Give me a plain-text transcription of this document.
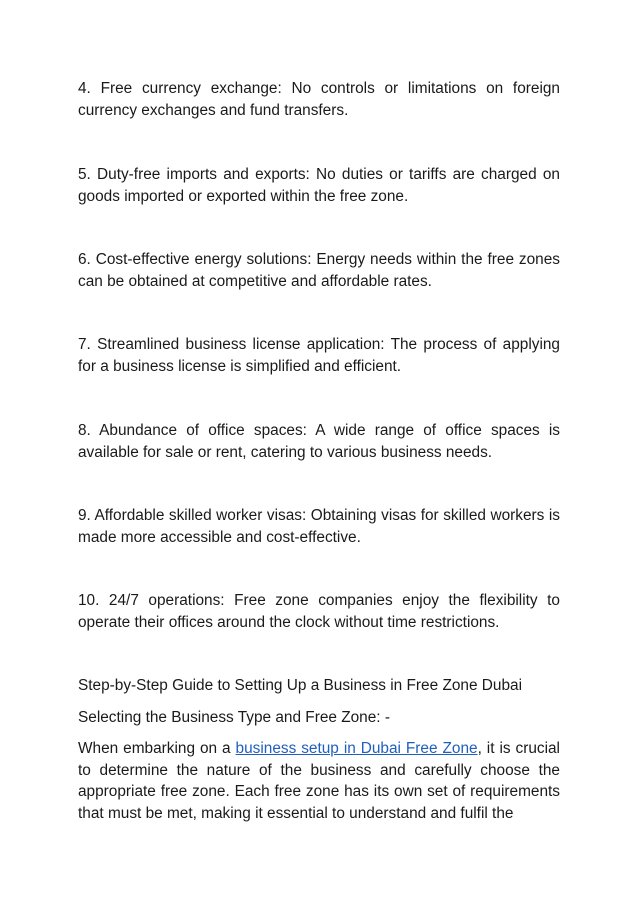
4. Free currency exchange: No controls or limitations on foreign currency exchanges and fund transfers.

5. Duty-free imports and exports: No duties or tariffs are charged on goods imported or exported within the free zone.

6. Cost-effective energy solutions: Energy needs within the free zones can be obtained at competitive and affordable rates.

7. Streamlined business license application: The process of applying for a business license is simplified and efficient.

8. Abundance of office spaces: A wide range of office spaces is available for sale or rent, catering to various business needs.

9. Affordable skilled worker visas: Obtaining visas for skilled workers is made more accessible and cost-effective.

10. 24/7 operations: Free zone companies enjoy the flexibility to operate their offices around the clock without time restrictions.

Step-by-Step Guide to Setting Up a Business in Free Zone Dubai

Selecting the Business Type and Free Zone: -

When embarking on a business setup in Dubai Free Zone, it is crucial to determine the nature of the business and carefully choose the appropriate free zone. Each free zone has its own set of requirements that must be met, making it essential to understand and fulfil the
